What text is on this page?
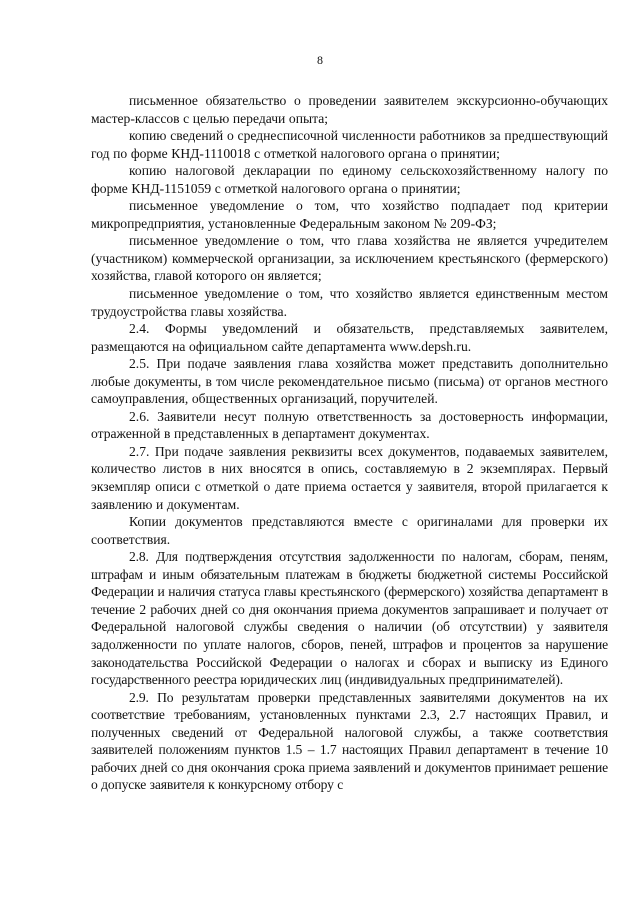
8

письменное обязательство о проведении заявителем экскурсионно-обучающих мастер-классов с целью передачи опыта;

копию сведений о среднесписочной численности работников за предшествующий год по форме КНД-1110018 с отметкой налогового органа о принятии;

копию налоговой декларации по единому сельскохозяйственному налогу по форме КНД-1151059 с отметкой налогового органа о принятии;

письменное уведомление о том, что хозяйство подпадает под критерии микропредприятия, установленные Федеральным законом № 209-ФЗ;

письменное уведомление о том, что глава хозяйства не является учредителем (участником) коммерческой организации, за исключением крестьянского (фермерского) хозяйства, главой которого он является;

письменное уведомление о том, что хозяйство является единственным местом трудоустройства главы хозяйства.

2.4. Формы уведомлений и обязательств, представляемых заявителем, размещаются на официальном сайте департамента www.depsh.ru.

2.5. При подаче заявления глава хозяйства может представить дополнительно любые документы, в том числе рекомендательное письмо (письма) от органов местного самоуправления, общественных организаций, поручителей.

2.6. Заявители несут полную ответственность за достоверность информации, отраженной в представленных в департамент документах.

2.7. При подаче заявления реквизиты всех документов, подаваемых заявителем, количество листов в них вносятся в опись, составляемую в 2 экземплярах. Первый экземпляр описи с отметкой о дате приема остается у заявителя, второй прилагается к заявлению и документам.

Копии документов представляются вместе с оригиналами для проверки их соответствия.

2.8. Для подтверждения отсутствия задолженности по налогам, сборам, пеням, штрафам и иным обязательным платежам в бюджеты бюджетной системы Российской Федерации и наличия статуса главы крестьянского (фермерского) хозяйства департамент в течение 2 рабочих дней со дня окончания приема документов запрашивает и получает от Федеральной налоговой службы сведения о наличии (об отсутствии) у заявителя задолженности по уплате налогов, сборов, пеней, штрафов и процентов за нарушение законодательства Российской Федерации о налогах и сборах и выписку из Единого государственного реестра юридических лиц (индивидуальных предпринимателей).

2.9. По результатам проверки представленных заявителями документов на их соответствие требованиям, установленных пунктами 2.3, 2.7 настоящих Правил, и полученных сведений от Федеральной налоговой службы, а также соответствия заявителей положениям пунктов 1.5 – 1.7 настоящих Правил департамент в течение 10 рабочих дней со дня окончания срока приема заявлений и документов принимает решение о допуске заявителя к конкурсному отбору с
